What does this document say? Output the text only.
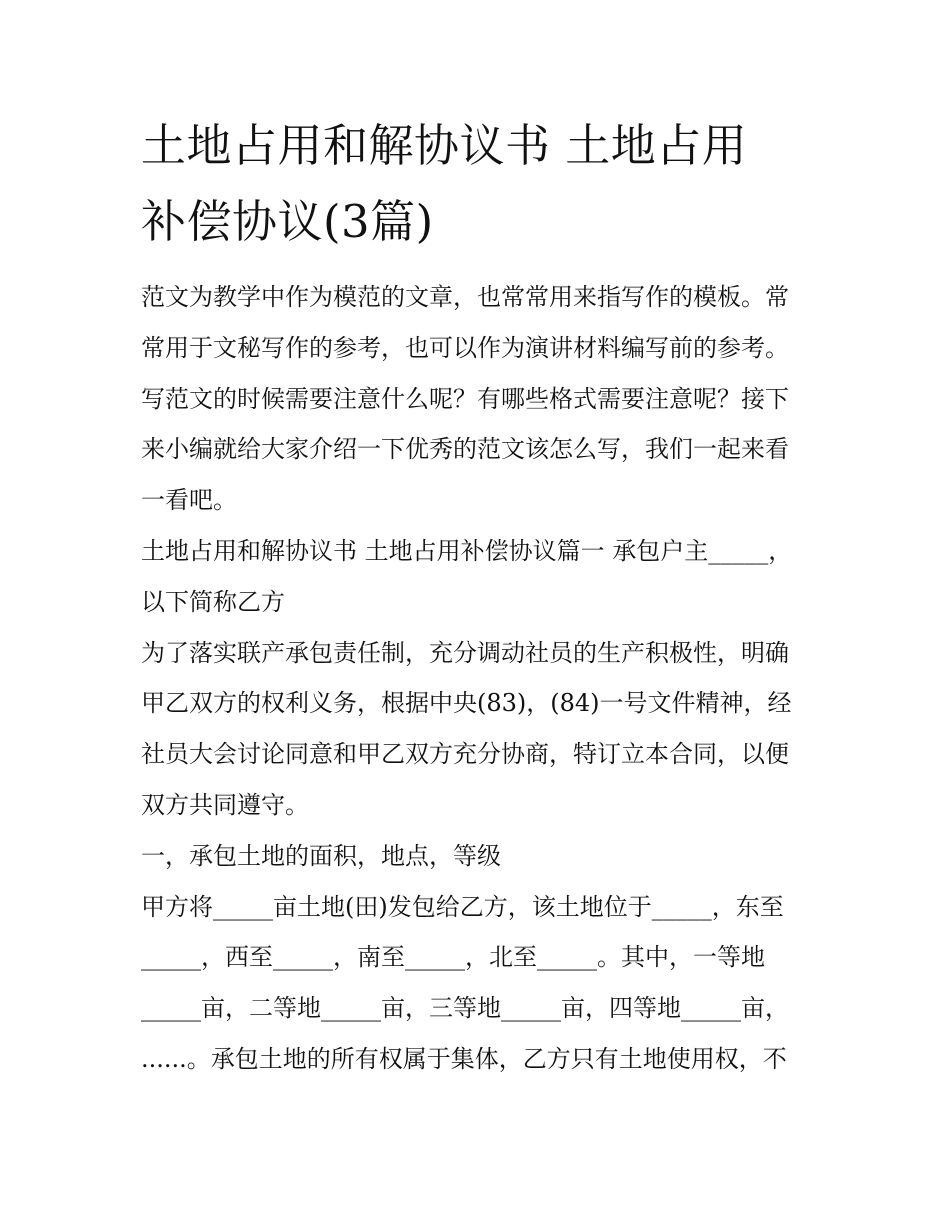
土地占用和解协议书 土地占用
补偿协议(3篇)

范文为教学中作为模范的文章，也常常用来指写作的模板。常
常用于文秘写作的参考，也可以作为演讲材料编写前的参考。
写范文的时候需要注意什么呢？有哪些格式需要注意呢？接下
来小编就给大家介绍一下优秀的范文该怎么写，我们一起来看
一看吧。

土地占用和解协议书 土地占用补偿协议篇一 承包户主_____，
以下简称乙方

为了落实联产承包责任制，充分调动社员的生产积极性，明确
甲乙双方的权利义务，根据中央(83)，(84)一号文件精神，经
社员大会讨论同意和甲乙双方充分协商，特订立本合同，以便
双方共同遵守。

一，承包土地的面积，地点，等级

甲方将_____亩土地(田)发包给乙方，该土地位于_____，东至
_____，西至_____，南至_____，北至_____。其中，一等地
_____亩，二等地_____亩，三等地_____亩，四等地_____亩，
......。承包土地的所有权属于集体，乙方只有土地使用权，不
